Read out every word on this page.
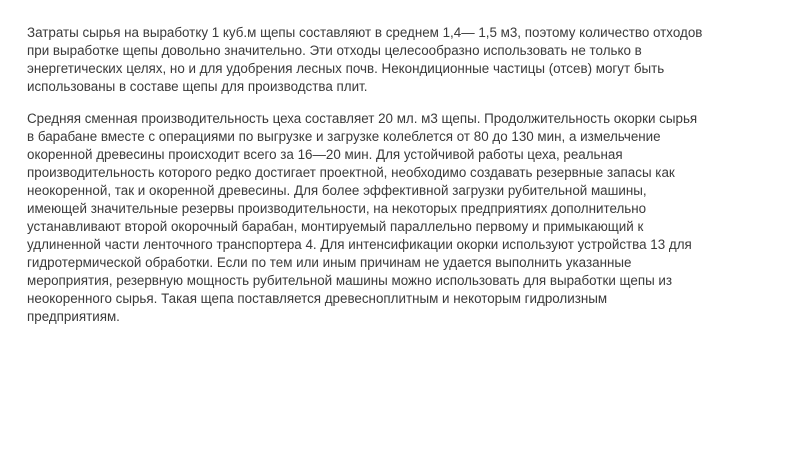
Затраты сырья на выработку 1 куб.м щепы составляют в среднем 1,4— 1,5 м3, поэтому количество отходов
при выработке щепы довольно значительно. Эти отходы целесообразно использовать не только в
энергетических целях, но и для удобрения лесных почв. Некондиционные частицы (отсев) могут быть
использованы в составе щепы для производства плит.

Средняя сменная производительность цеха составляет 20 мл. м3 щепы. Продолжительность окорки сырья
в барабане вместе с операциями по выгрузке и загрузке колеблется от 80 до 130 мин, а измельчение
окоренной древесины происходит всего за 16—20 мин. Для устойчивой работы цеха, реальная
производительность которого редко достигает проектной, необходимо создавать резервные запасы как
неокоренной, так и окоренной древесины. Для более эффективной загрузки рубительной машины,
имеющей значительные резервы производительности, на некоторых предприятиях дополнительно
устанавливают второй окорочный барабан, монтируемый параллельно первому и примыкающий к
удлиненной части ленточного транспортера 4. Для интенсификации окорки используют устройства 13 для
гидротермической обработки. Если по тем или иным причинам не удается выполнить указанные
мероприятия, резервную мощность рубительной машины можно использовать для выработки щепы из
неокоренного сырья. Такая щепа поставляется древесноплитным и некоторым гидролизным
предприятиям.
